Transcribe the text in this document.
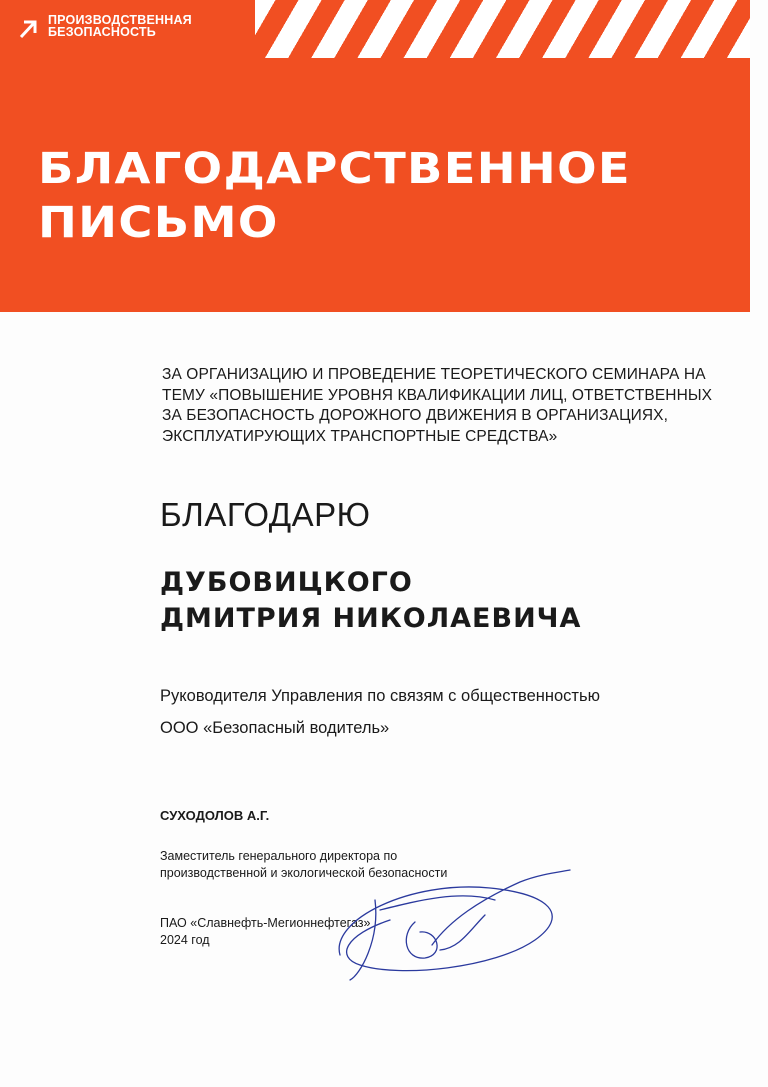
ПРОИЗВОДСТВЕННАЯ
БЕЗОПАСНОСТЬ
БЛАГОДАРСТВЕННОЕ
ПИСЬМО
ЗА ОРГАНИЗАЦИЮ И ПРОВЕДЕНИЕ ТЕОРЕТИЧЕСКОГО СЕМИНАРА НА
ТЕМУ «ПОВЫШЕНИЕ УРОВНЯ КВАЛИФИКАЦИИ ЛИЦ, ОТВЕТСТВЕННЫХ
ЗА БЕЗОПАСНОСТЬ ДОРОЖНОГО ДВИЖЕНИЯ В ОРГАНИЗАЦИЯХ,
ЭКСПЛУАТИРУЮЩИХ ТРАНСПОРТНЫЕ СРЕДСТВА»
БЛАГОДАРЮ
ДУБОВИЦКОГО
ДМИТРИЯ НИКОЛАЕВИЧА
Руководителя Управления по связям с общественностью
ООО «Безопасный водитель»
СУХОДОЛОВ А.Г.
Заместитель генерального директора по
производственной и экологической безопасности
ПАО «Славнефть-Мегионнефтегаз»
2024 год
